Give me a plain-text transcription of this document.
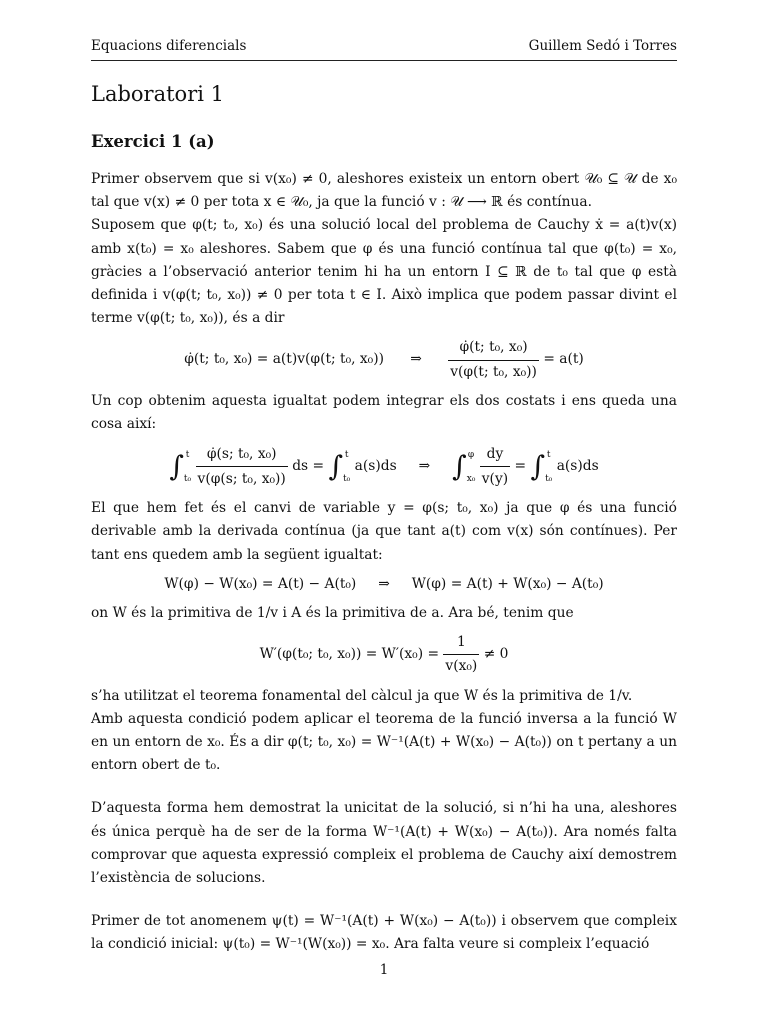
Equacions diferencials	Guillem Sedó i Torres
Laboratori 1
Exercici 1 (a)

Primer observem que si v(x₀) ≠ 0, aleshores existeix un entorn obert 𝒰₀ ⊆ 𝒰 de x₀ tal que v(x) ≠ 0 per tota x ∈ 𝒰₀, ja que la funció v : 𝒰 ⟶ ℝ és contínua.

Suposem que φ(t; t₀, x₀) és una solució local del problema de Cauchy ẋ = a(t)v(x) amb x(t₀) = x₀ aleshores. Sabem que φ és una funció contínua tal que φ(t₀) = x₀, gràcies a l’observació anterior tenim hi ha un entorn I ⊆ ℝ de t₀ tal que φ està definida i v(φ(t; t₀, x₀)) ≠ 0 per tota t ∈ I. Això implica que podem passar divint el terme v(φ(t; t₀, x₀)), és a dir

φ̇(t; t₀, x₀) = a(t)v(φ(t; t₀, x₀)) ⇒ $\frac{\text{φ̇(t; t₀, x₀)}}{\text{v(φ(t; t₀, x₀))}} = a(t)$

Un cop obtenim aquesta igualtat podem integrar els dos costats i ens queda una cosa així:

∫ t
t₀
$\frac{\text{φ̇(s; t₀, x₀)}}{\text{v(φ(s; t₀, x₀))}}$ ds = ∫ t
t₀
a(s)ds ⇒ ∫ φ
x₀
$\frac{dy}{v(y)}$ = ∫ t
t₀
a(s)ds

El que hem fet és el canvi de variable y = φ(s; t₀, x₀) ja que φ és una funció derivable amb la derivada contínua (ja que tant a(t) com v(x) són contínues). Per tant ens quedem amb la següent igualtat:

W(φ) − W(x₀) = A(t) − A(t₀)     ⇒     W(φ) = A(t) + W(x₀) − A(t₀)

on W és la primitiva de 1/v i A és la primitiva de a. Ara bé, tenim que

W′(φ(t₀; t₀, $x_0)) = W'(x_0) = \frac{1}{\text{v(x₀)}} \ne 0$

s’ha utilitzat el teorema fonamental del càlcul ja que W és la primitiva de 1/v.

Amb aquesta condició podem aplicar el teorema de la funció inversa a la funció W en un entorn de x₀. És a dir φ(t; t₀, x₀) = W⁻¹(A(t) + W(x₀) − A(t₀)) on t pertany a un entorn obert de t₀.

D’aquesta forma hem demostrat la unicitat de la solució, si n’hi ha una, aleshores és única perquè ha de ser de la forma W⁻¹(A(t) + W(x₀) − A(t₀)). Ara només falta comprovar que aquesta expressió compleix el problema de Cauchy així demostrem l’existència de solucions.

Primer de tot anomenem ψ(t) = W⁻¹(A(t) + W(x₀) − A(t₀)) i observem que compleix la condició inicial: ψ(t₀) = W⁻¹(W(x₀)) = x₀. Ara falta veure si compleix l’equació

1
